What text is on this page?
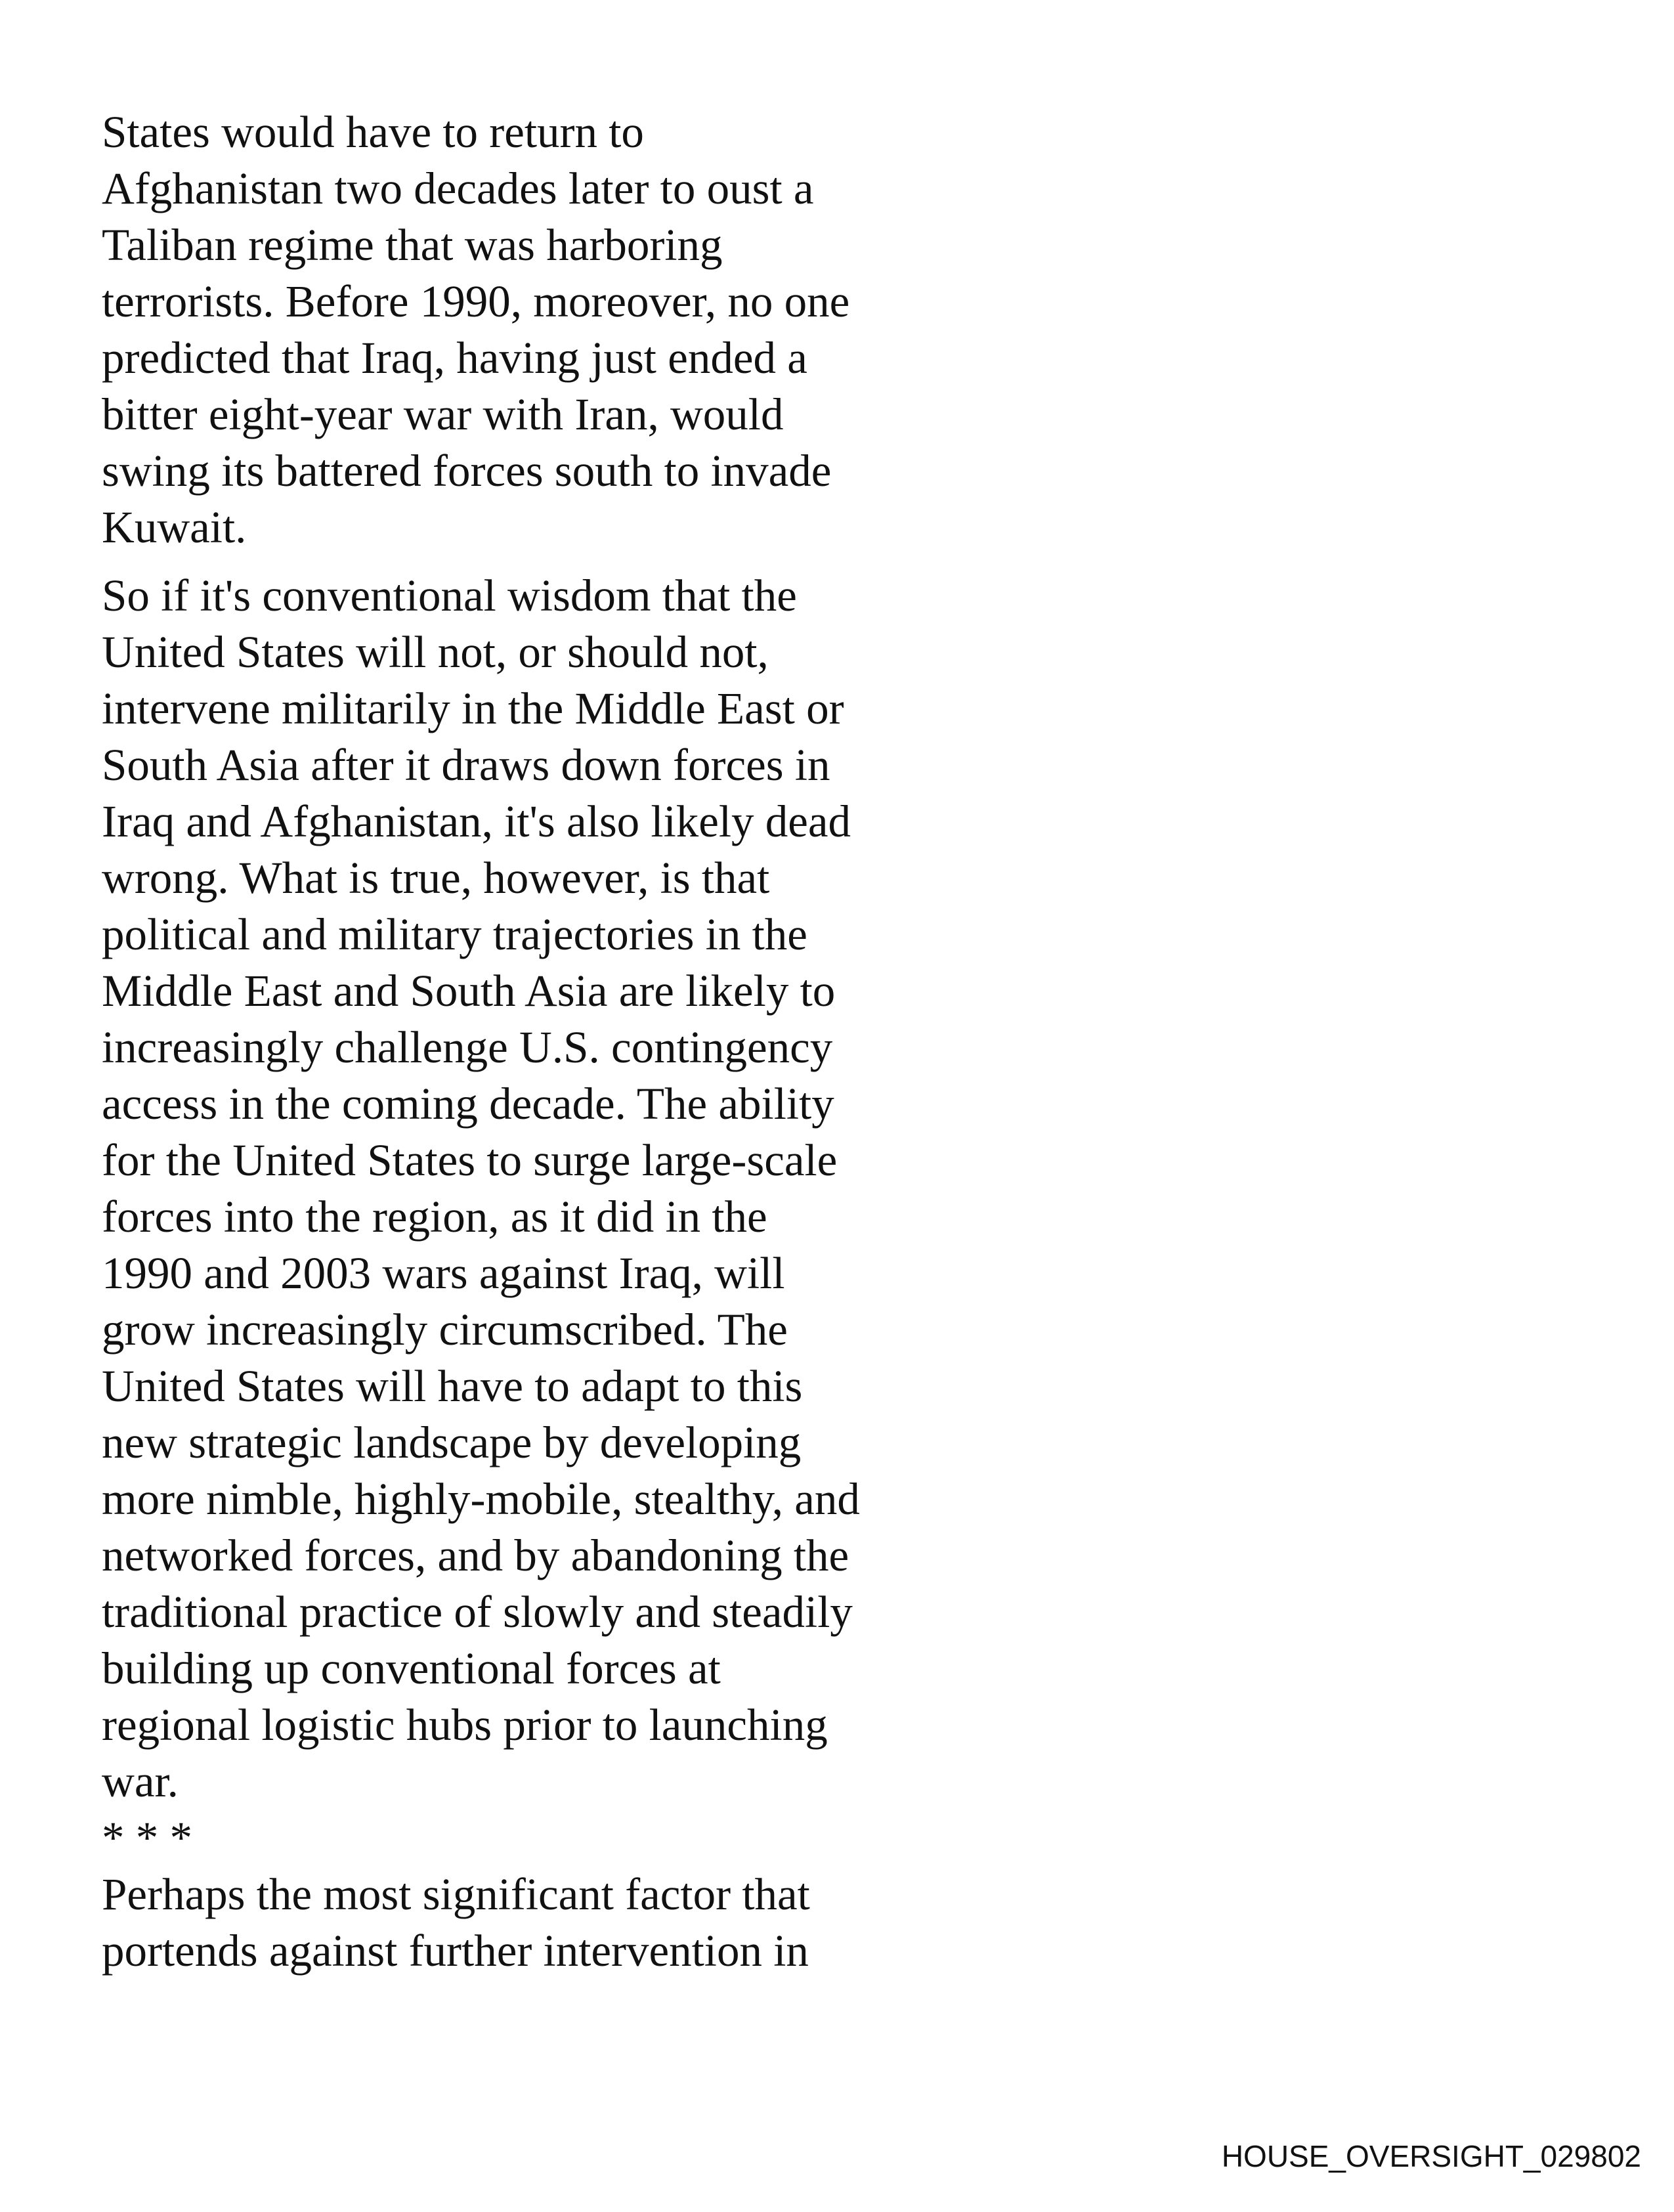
States would have to return to
Afghanistan two decades later to oust a
Taliban regime that was harboring
terrorists. Before 1990, moreover, no one
predicted that Iraq, having just ended a
bitter eight-year war with Iran, would
swing its battered forces south to invade
Kuwait.

So if it's conventional wisdom that the
United States will not, or should not,
intervene militarily in the Middle East or
South Asia after it draws down forces in
Iraq and Afghanistan, it's also likely dead
wrong. What is true, however, is that
political and military trajectories in the
Middle East and South Asia are likely to
increasingly challenge U.S. contingency
access in the coming decade. The ability
for the United States to surge large-scale
forces into the region, as it did in the
1990 and 2003 wars against Iraq, will
grow increasingly circumscribed. The
United States will have to adapt to this
new strategic landscape by developing
more nimble, highly-mobile, stealthy, and
networked forces, and by abandoning the
traditional practice of slowly and steadily
building up conventional forces at
regional logistic hubs prior to launching
war.

* * *

Perhaps the most significant factor that
portends against further intervention in

HOUSE_OVERSIGHT_029802
